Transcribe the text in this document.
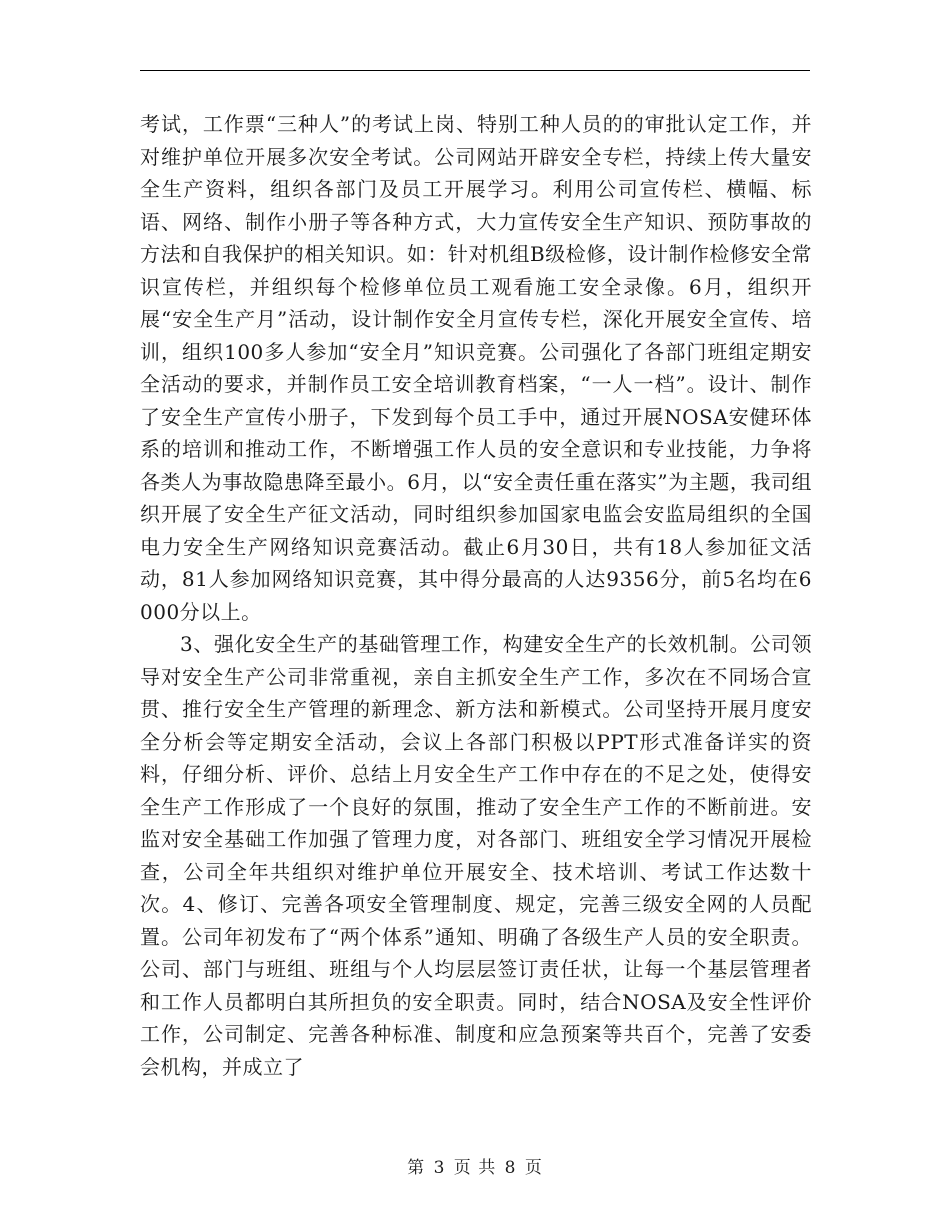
考试，工作票“三种人”的考试上岗、特别工种人员的的审批认定工作，并对维护单位开展多次安全考试。公司网站开辟安全专栏，持续上传大量安全生产资料，组织各部门及员工开展学习。利用公司宣传栏、横幅、标语、网络、制作小册子等各种方式，大力宣传安全生产知识、预防事故的方法和自我保护的相关知识。如：针对机组B级检修，设计制作检修安全常识宣传栏，并组织每个检修单位员工观看施工安全录像。6月，组织开展“安全生产月”活动，设计制作安全月宣传专栏，深化开展安全宣传、培训，组织100多人参加“安全月”知识竞赛。公司强化了各部门班组定期安全活动的要求，并制作员工安全培训教育档案，“一人一档”。设计、制作了安全生产宣传小册子，下发到每个员工手中，通过开展NOSA安健环体系的培训和推动工作，不断增强工作人员的安全意识和专业技能，力争将各类人为事故隐患降至最小。6月，以“安全责任重在落实”为主题，我司组织开展了安全生产征文活动，同时组织参加国家电监会安监局组织的全国电力安全生产网络知识竞赛活动。截止6月30日，共有18人参加征文活动，81人参加网络知识竞赛，其中得分最高的人达9356分，前5名均在6000分以上。

3、强化安全生产的基础管理工作，构建安全生产的长效机制。公司领导对安全生产公司非常重视，亲自主抓安全生产工作，多次在不同场合宣贯、推行安全生产管理的新理念、新方法和新模式。公司坚持开展月度安全分析会等定期安全活动，会议上各部门积极以PPT形式准备详实的资料，仔细分析、评价、总结上月安全生产工作中存在的不足之处，使得安全生产工作形成了一个良好的氛围，推动了安全生产工作的不断前进。安监对安全基础工作加强了管理力度，对各部门、班组安全学习情况开展检查，公司全年共组织对维护单位开展安全、技术培训、考试工作达数十次。4、修订、完善各项安全管理制度、规定，完善三级安全网的人员配置。公司年初发布了“两个体系”通知、明确了各级生产人员的安全职责。公司、部门与班组、班组与个人均层层签订责任状，让每一个基层管理者和工作人员都明白其所担负的安全职责。同时，结合NOSA及安全性评价工作，公司制定、完善各种标准、制度和应急预案等共百个，完善了安委会机构，并成立了

第 3 页 共 8 页
